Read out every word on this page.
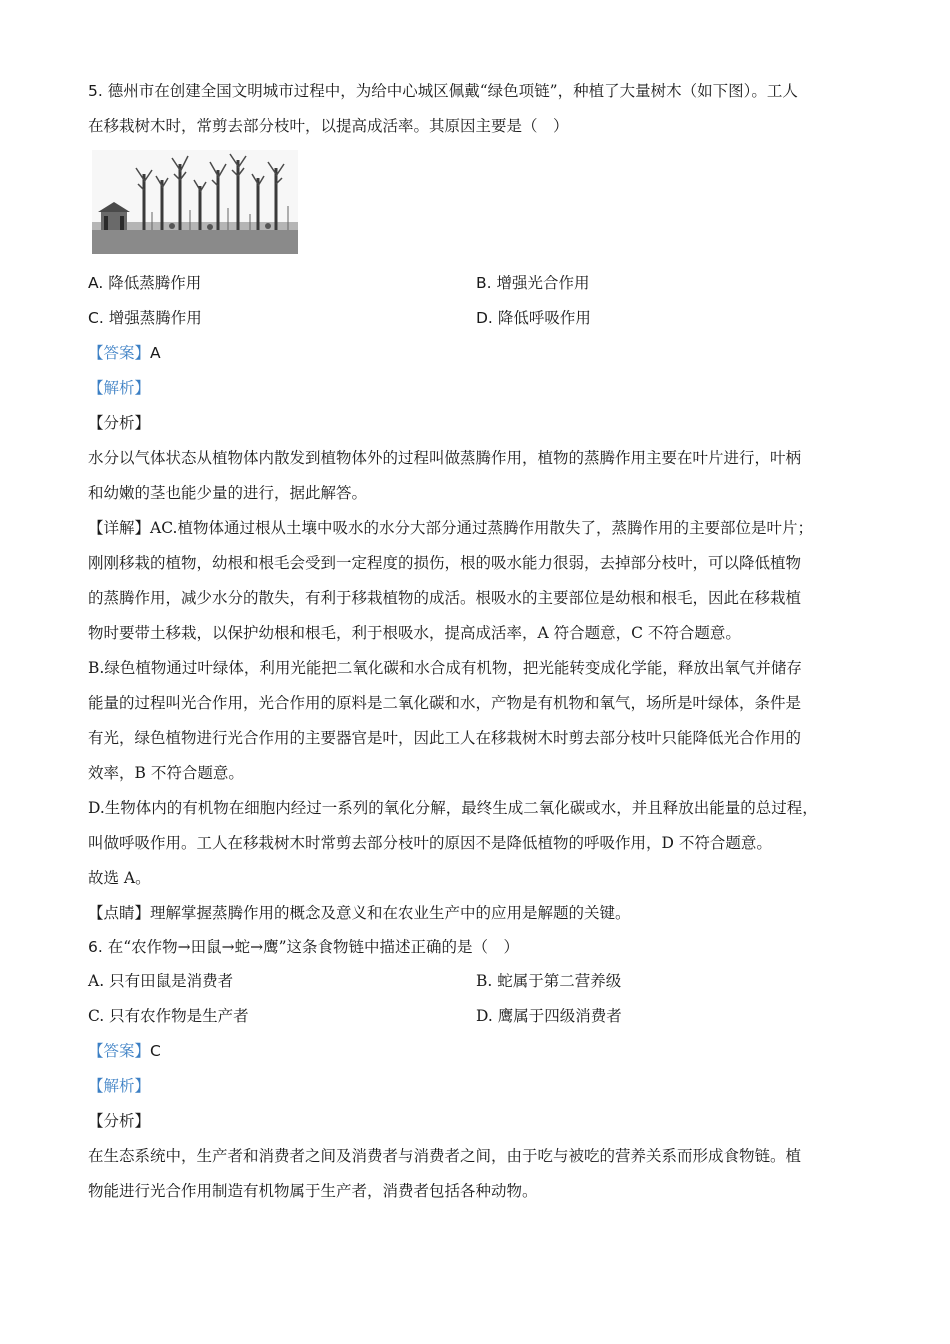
5. 德州市在创建全国文明城市过程中，为给中心城区佩戴“绿色项链”，种植了大量树木（如下图）。工人
在移栽树木时，常剪去部分枝叶，以提高成活率。其原因主要是（　）
A. 降低蒸腾作用	B. 增强光合作用
C. 增强蒸腾作用	D. 降低呼吸作用
【答案】A
【解析】
【分析】
水分以气体状态从植物体内散发到植物体外的过程叫做蒸腾作用，植物的蒸腾作用主要在叶片进行，叶柄
和幼嫩的茎也能少量的进行，据此解答。
【详解】AC.植物体通过根从土壤中吸水的水分大部分通过蒸腾作用散失了，蒸腾作用的主要部位是叶片；
刚刚移栽的植物，幼根和根毛会受到一定程度的损伤，根的吸水能力很弱，去掉部分枝叶，可以降低植物
的蒸腾作用，减少水分的散失，有利于移栽植物的成活。根吸水的主要部位是幼根和根毛，因此在移栽植
物时要带土移栽，以保护幼根和根毛，利于根吸水，提高成活率，A 符合题意，C 不符合题意。
B.绿色植物通过叶绿体，利用光能把二氧化碳和水合成有机物，把光能转变成化学能，释放出氧气并储存
能量的过程叫光合作用，光合作用的原料是二氧化碳和水，产物是有机物和氧气，场所是叶绿体，条件是
有光，绿色植物进行光合作用的主要器官是叶，因此工人在移栽树木时剪去部分枝叶只能降低光合作用的
效率，B 不符合题意。
D.生物体内的有机物在细胞内经过一系列的氧化分解，最终生成二氧化碳或水，并且释放出能量的总过程，
叫做呼吸作用。工人在移栽树木时常剪去部分枝叶的原因不是降低植物的呼吸作用，D 不符合题意。
故选 A。
【点睛】理解掌握蒸腾作用的概念及意义和在农业生产中的应用是解题的关键。
6. 在“农作物→田鼠→蛇→鹰”这条食物链中描述正确的是（　）
A. 只有田鼠是消费者	B. 蛇属于第二营养级
C. 只有农作物是生产者	D. 鹰属于四级消费者
【答案】C
【解析】
【分析】
在生态系统中，生产者和消费者之间及消费者与消费者之间，由于吃与被吃的营养关系而形成食物链。植
物能进行光合作用制造有机物属于生产者，消费者包括各种动物。
